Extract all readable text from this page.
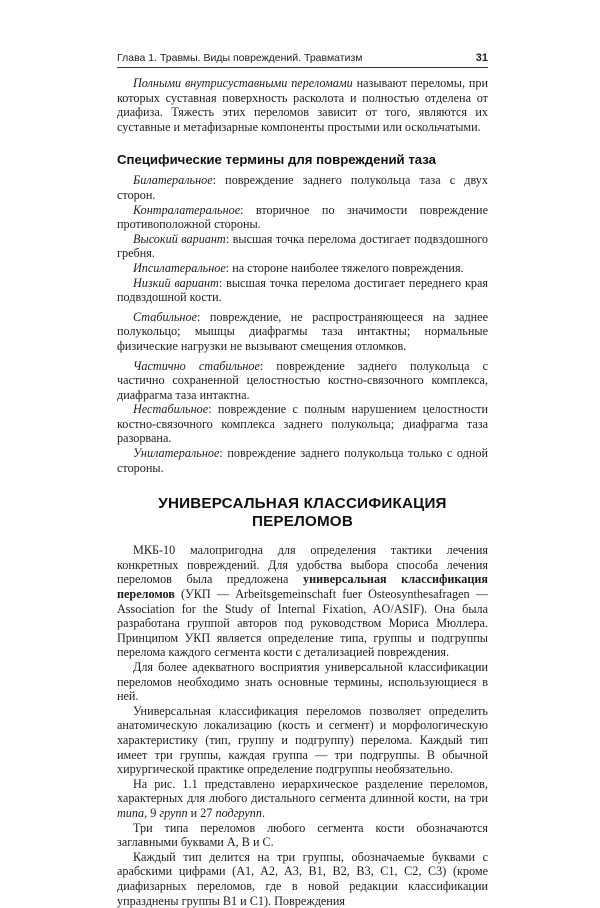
Глава 1. Травмы. Виды повреждений. Травматизм	31

Полными внутрисуставными переломами называют переломы, при которых суставная поверхность расколота и полностью отделена от диафиза. Тяжесть этих переломов зависит от того, являются их суставные и метафизарные компоненты простыми или оскольчатыми.

Специфические термины для повреждений таза

Билатеральное: повреждение заднего полукольца таза с двух сторон.

Контралатеральное: вторичное по значимости повреждение противоположной стороны.

Высокий вариант: высшая точка перелома достигает подвздошного гребня.

Ипсилатеральное: на стороне наиболее тяжелого повреждения.

Низкий вариант: высшая точка перелома достигает переднего края подвздошной кости.

Стабильное: повреждение, не распространяющееся на заднее полукольцо; мышцы диафрагмы таза интактны; нормальные физические нагрузки не вызывают смещения отломков.

Частично стабильное: повреждение заднего полукольца с частично сохраненной целостностью костно-связочного комплекса, диафрагма таза интактна.

Нестабильное: повреждение с полным нарушением целостности костно-связочного комплекса заднего полукольца; диафрагма таза разорвана.

Унилатеральное: повреждение заднего полукольца только с одной стороны.

УНИВЕРСАЛЬНАЯ КЛАССИФИКАЦИЯ ПЕРЕЛОМОВ

МКБ-10 малопригодна для определения тактики лечения конкретных повреждений. Для удобства выбора способа лечения переломов была предложена универсальная классификация переломов (УКП — Arbeitsgemeinschaft fuer Osteosynthesafragen — Association for the Study of Internal Fixation, AO/ASIF). Она была разработана группой авторов под руководством Мориса Мюллера. Принципом УКП является определение типа, группы и подгруппы перелома каждого сегмента кости с детализацией повреждения.

Для более адекватного восприятия универсальной классификации переломов необходимо знать основные термины, использующиеся в ней.

Универсальная классификация переломов позволяет определить анатомическую локализацию (кость и сегмент) и морфологическую характеристику (тип, группу и подгруппу) перелома. Каждый тип имеет три группы, каждая группа — три подгруппы. В обычной хирургической практике определение подгруппы необязательно.

На рис. 1.1 представлено иерархическое разделение переломов, характерных для любого дистального сегмента длинной кости, на три типа, 9 групп и 27 подгрупп.

Три типа переломов любого сегмента кости обозначаются заглавными буквами A, B и C.

Каждый тип делится на три группы, обозначаемые буквами с арабскими цифрами (A1, A2, A3, B1, B2, B3, C1, C2, C3) (кроме диафизарных переломов, где в новой редакции классификации упразднены группы B1 и C1). Повреждения
